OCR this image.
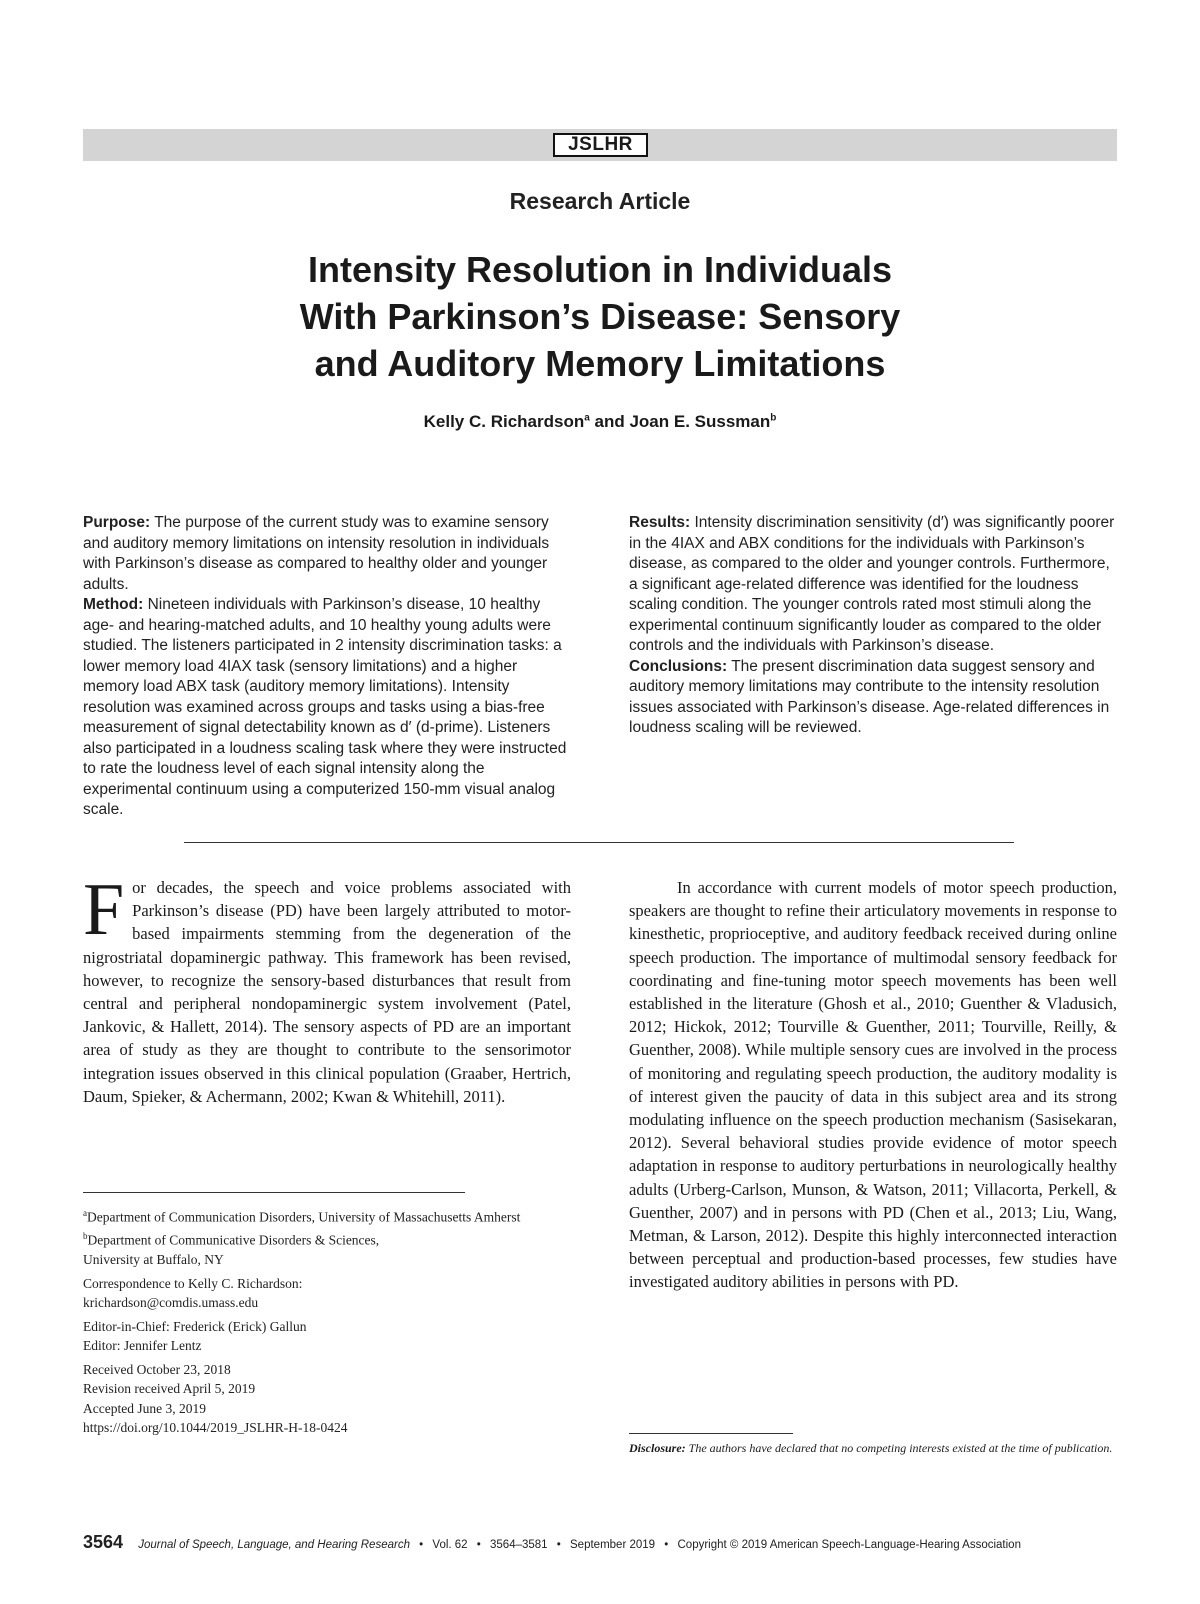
JSLHR
Research Article
Intensity Resolution in Individuals
With Parkinson’s Disease: Sensory
and Auditory Memory Limitations
Kelly C. Richardson$^a$ and Joan E. Sussman$^b$

Purpose: The purpose of the current study was to examine sensory and auditory memory limitations on intensity resolution in individuals with Parkinson’s disease as compared to healthy older and younger adults.

Method: Nineteen individuals with Parkinson’s disease, 10 healthy age- and hearing-matched adults, and 10 healthy young adults were studied. The listeners participated in 2 intensity discrimination tasks: a lower memory load 4IAX task (sensory limitations) and a higher memory load ABX task (auditory memory limitations). Intensity resolution was examined across groups and tasks using a bias-free measurement of signal detectability known as d′ (d-prime). Listeners also participated in a loudness scaling task where they were instructed to rate the loudness level of each signal intensity along the experimental continuum using a computerized 150-mm visual analog scale.

Results: Intensity discrimination sensitivity (d′) was significantly poorer in the 4IAX and ABX conditions for the individuals with Parkinson’s disease, as compared to the older and younger controls. Furthermore, a significant age-related difference was identified for the loudness scaling condition. The younger controls rated most stimuli along the experimental continuum significantly louder as compared to the older controls and the individuals with Parkinson’s disease.

Conclusions: The present discrimination data suggest sensory and auditory memory limitations may contribute to the intensity resolution issues associated with Parkinson’s disease. Age-related differences in loudness scaling will be reviewed.

For decades, the speech and voice problems associated with Parkinson’s disease (PD) have been largely attributed to motor-based impairments stemming from the degeneration of the nigrostriatal dopaminergic pathway. This framework has been revised, however, to recognize the sensory-based disturbances that result from central and peripheral nondopaminergic system involvement (Patel, Jankovic, & Hallett, 2014). The sensory aspects of PD are an important area of study as they are thought to contribute to the sensorimotor integration issues observed in this clinical population (Graaber, Hertrich, Daum, Spieker, & Achermann, 2002; Kwan & Whitehill, 2011).

In accordance with current models of motor speech production, speakers are thought to refine their articulatory movements in response to kinesthetic, proprioceptive, and auditory feedback received during online speech production. The importance of multimodal sensory feedback for coordinating and fine-tuning motor speech movements has been well established in the literature (Ghosh et al., 2010; Guenther & Vladusich, 2012; Hickok, 2012; Tourville & Guenther, 2011; Tourville, Reilly, & Guenther, 2008). While multiple sensory cues are involved in the process of monitoring and regulating speech production, the auditory modality is of interest given the paucity of data in this subject area and its strong modulating influence on the speech production mechanism (Sasisekaran, 2012). Several behavioral studies provide evidence of motor speech adaptation in response to auditory perturbations in neurologically healthy adults (Urberg-Carlson, Munson, & Watson, 2011; Villacorta, Perkell, & Guenther, 2007) and in persons with PD (Chen et al., 2013; Liu, Wang, Metman, & Larson, 2012). Despite this highly interconnected interaction between perceptual and production-based processes, few studies have investigated auditory abilities in persons with PD.

$^a$Department of Communication Disorders, University of Massachusetts Amherst
$^b$Department of Communicative Disorders & Sciences,
University at Buffalo, NY
Correspondence to Kelly C. Richardson:
krichardson@comdis.umass.edu
Editor-in-Chief: Frederick (Erick) Gallun
Editor: Jennifer Lentz
Received October 23, 2018
Revision received April 5, 2019
Accepted June 3, 2019
https://doi.org/10.1044/2019_JSLHR-H-18-0424
Disclosure: The authors have declared that no competing interests existed at the time of publication.
3564 Journal of Speech, Language, and Hearing Research • Vol. 62 • 3564–3581 • September 2019 • Copyright © 2019 American Speech-Language-Hearing Association
